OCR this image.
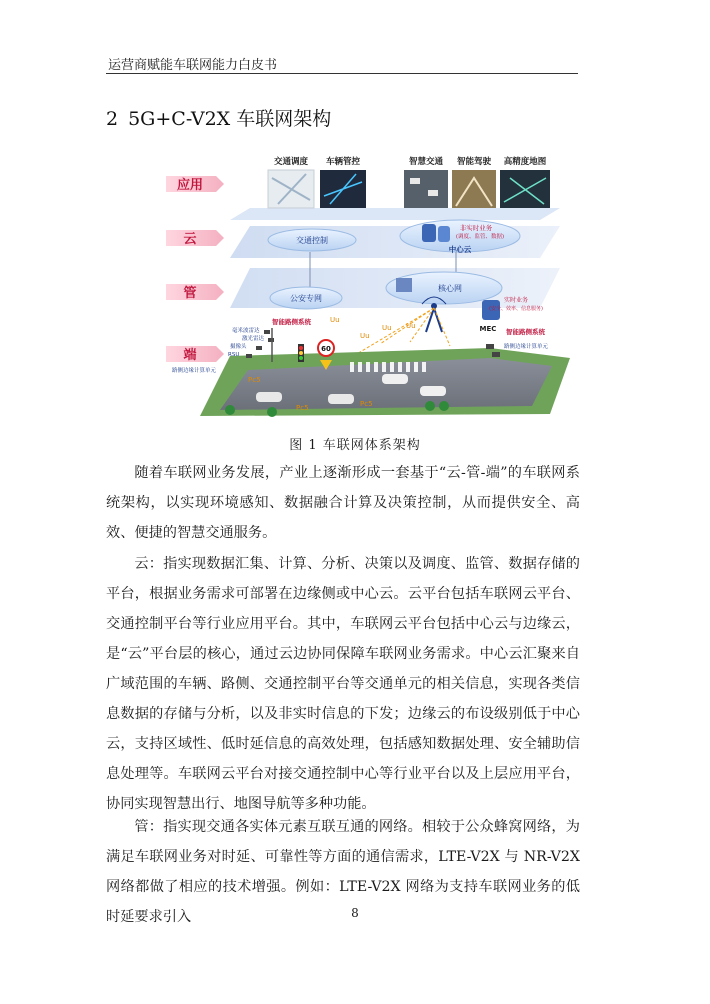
运营商赋能车联网能力白皮书
2 5G+C-V2X 车联网架构
应用
云
管
端
交通调度 车辆管控	智慧交通 智能驾驶 高精度地图
交通控制
非实时业务
(调度、监管、数据)
中心云
公安专网
核心网
实时业务
(安全、效率、信息服务)
MEC
Uu
Uu
Uu Uu
60
智能路侧系统
毫米波雷达
激光雷达
摄像头
RSU
路侧边缘计算单元
智能路侧系统
路侧边缘计算单元
Pc5
Pc5	Pc5
图 1 车联网体系架构

随着车联网业务发展，产业上逐渐形成一套基于“云-管-端”的车联网系统架构，以实现环境感知、数据融合计算及决策控制，从而提供安全、高效、便捷的智慧交通服务。

云：指实现数据汇集、计算、分析、决策以及调度、监管、数据存储的平台，根据业务需求可部署在边缘侧或中心云。云平台包括车联网云平台、交通控制平台等行业应用平台。其中，车联网云平台包括中心云与边缘云，是“云”平台层的核心，通过云边协同保障车联网业务需求。中心云汇聚来自广域范围的车辆、路侧、交通控制平台等交通单元的相关信息，实现各类信息数据的存储与分析，以及非实时信息的下发；边缘云的布设级别低于中心云，支持区域性、低时延信息的高效处理，包括感知数据处理、安全辅助信息处理等。车联网云平台对接交通控制中心等行业平台以及上层应用平台，协同实现智慧出行、地图导航等多种功能。

管：指实现交通各实体元素互联互通的网络。相较于公众蜂窝网络，为满足车联网业务对时延、可靠性等方面的通信需求，LTE-V2X 与 NR-V2X 网络都做了相应的技术增强。例如：LTE-V2X 网络为支持车联网业务的低时延要求引入	8
